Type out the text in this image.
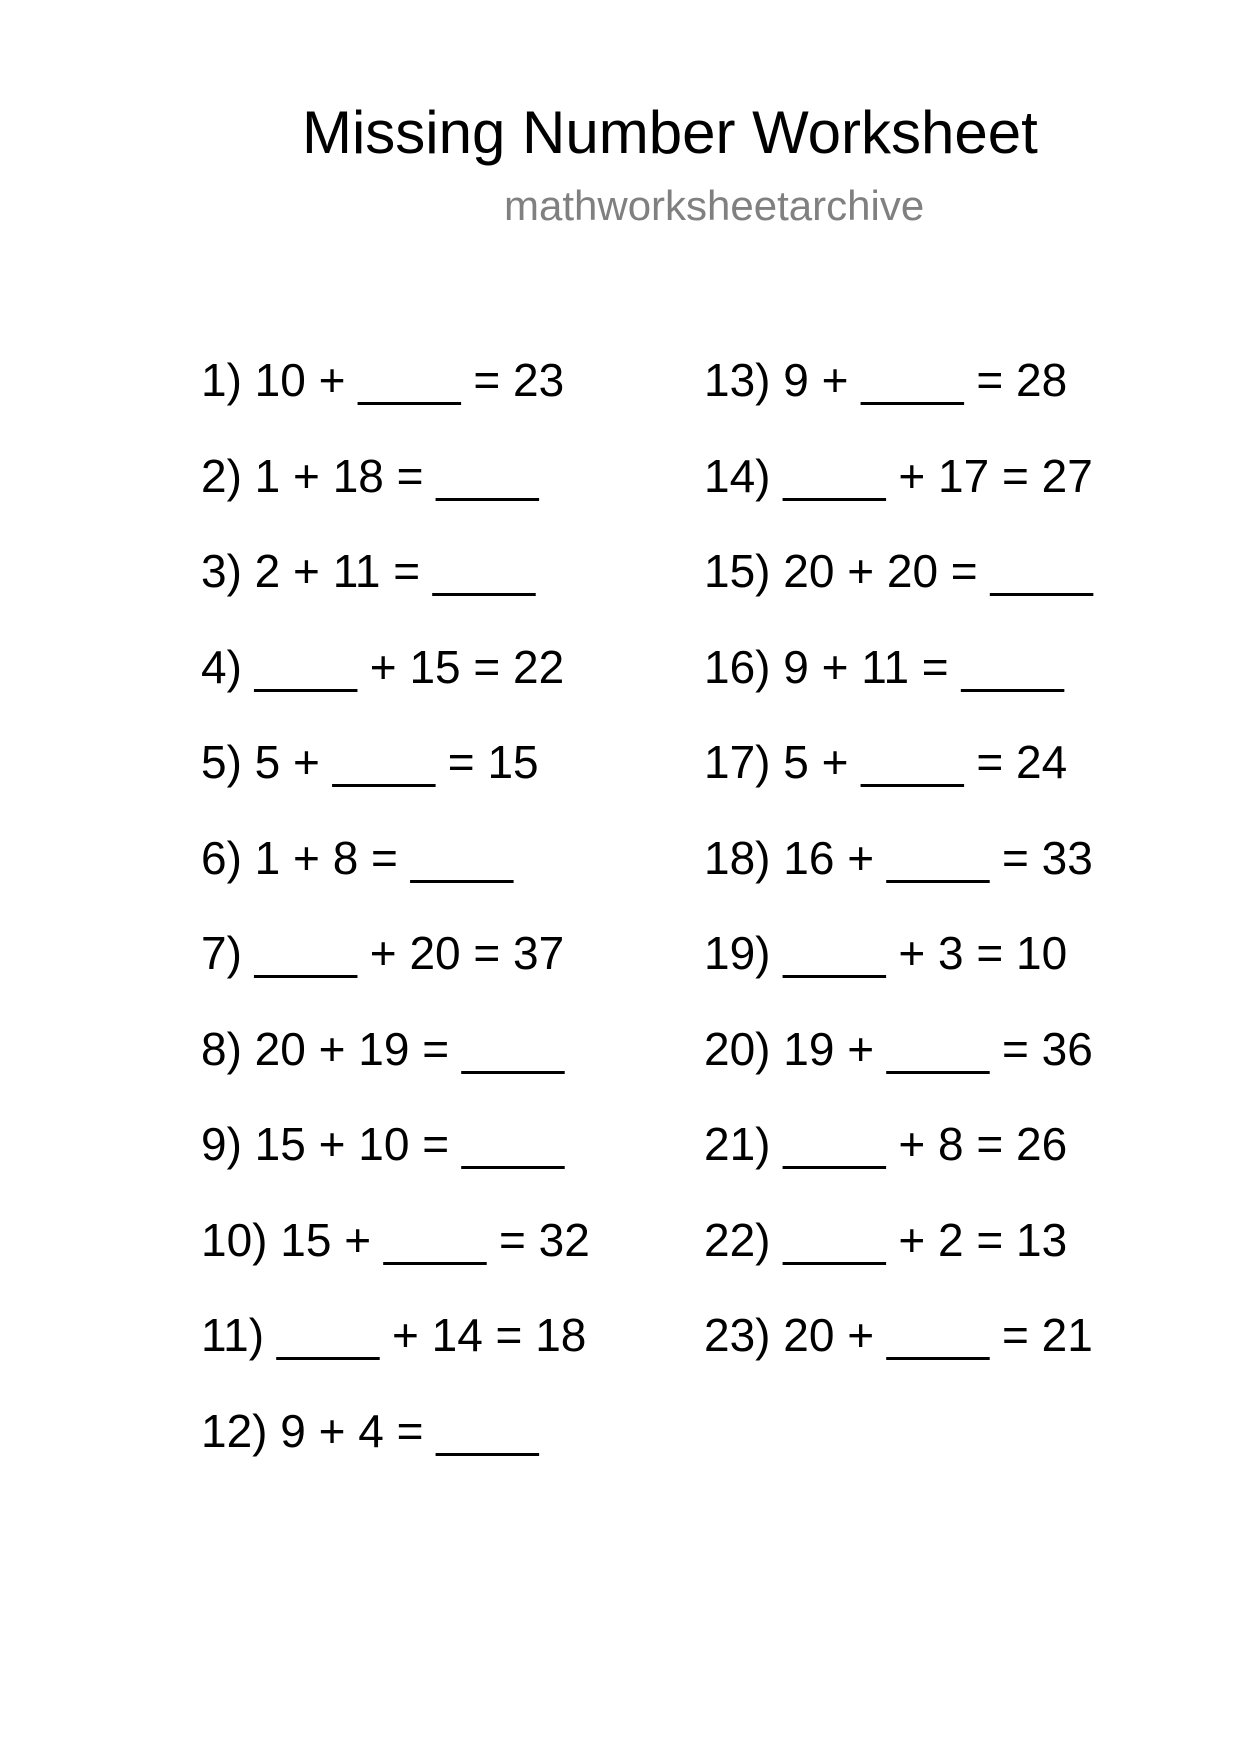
Missing Number Worksheet
mathworksheetarchive
1) 10 + ____ = 23
2) 1 + 18 = ____
3) 2 + 11 = ____
4) ____ + 15 = 22
5) 5 + ____ = 15
6) 1 + 8 = ____
7) ____ + 20 = 37
8) 20 + 19 = ____
9) 15 + 10 = ____
10) 15 + ____ = 32
11) ____ + 14 = 18
12) 9 + 4 = ____
13) 9 + ____ = 28
14) ____ + 17 = 27
15) 20 + 20 = ____
16) 9 + 11 = ____
17) 5 + ____ = 24
18) 16 + ____ = 33
19) ____ + 3 = 10
20) 19 + ____ = 36
21) ____ + 8 = 26
22) ____ + 2 = 13
23) 20 + ____ = 21
